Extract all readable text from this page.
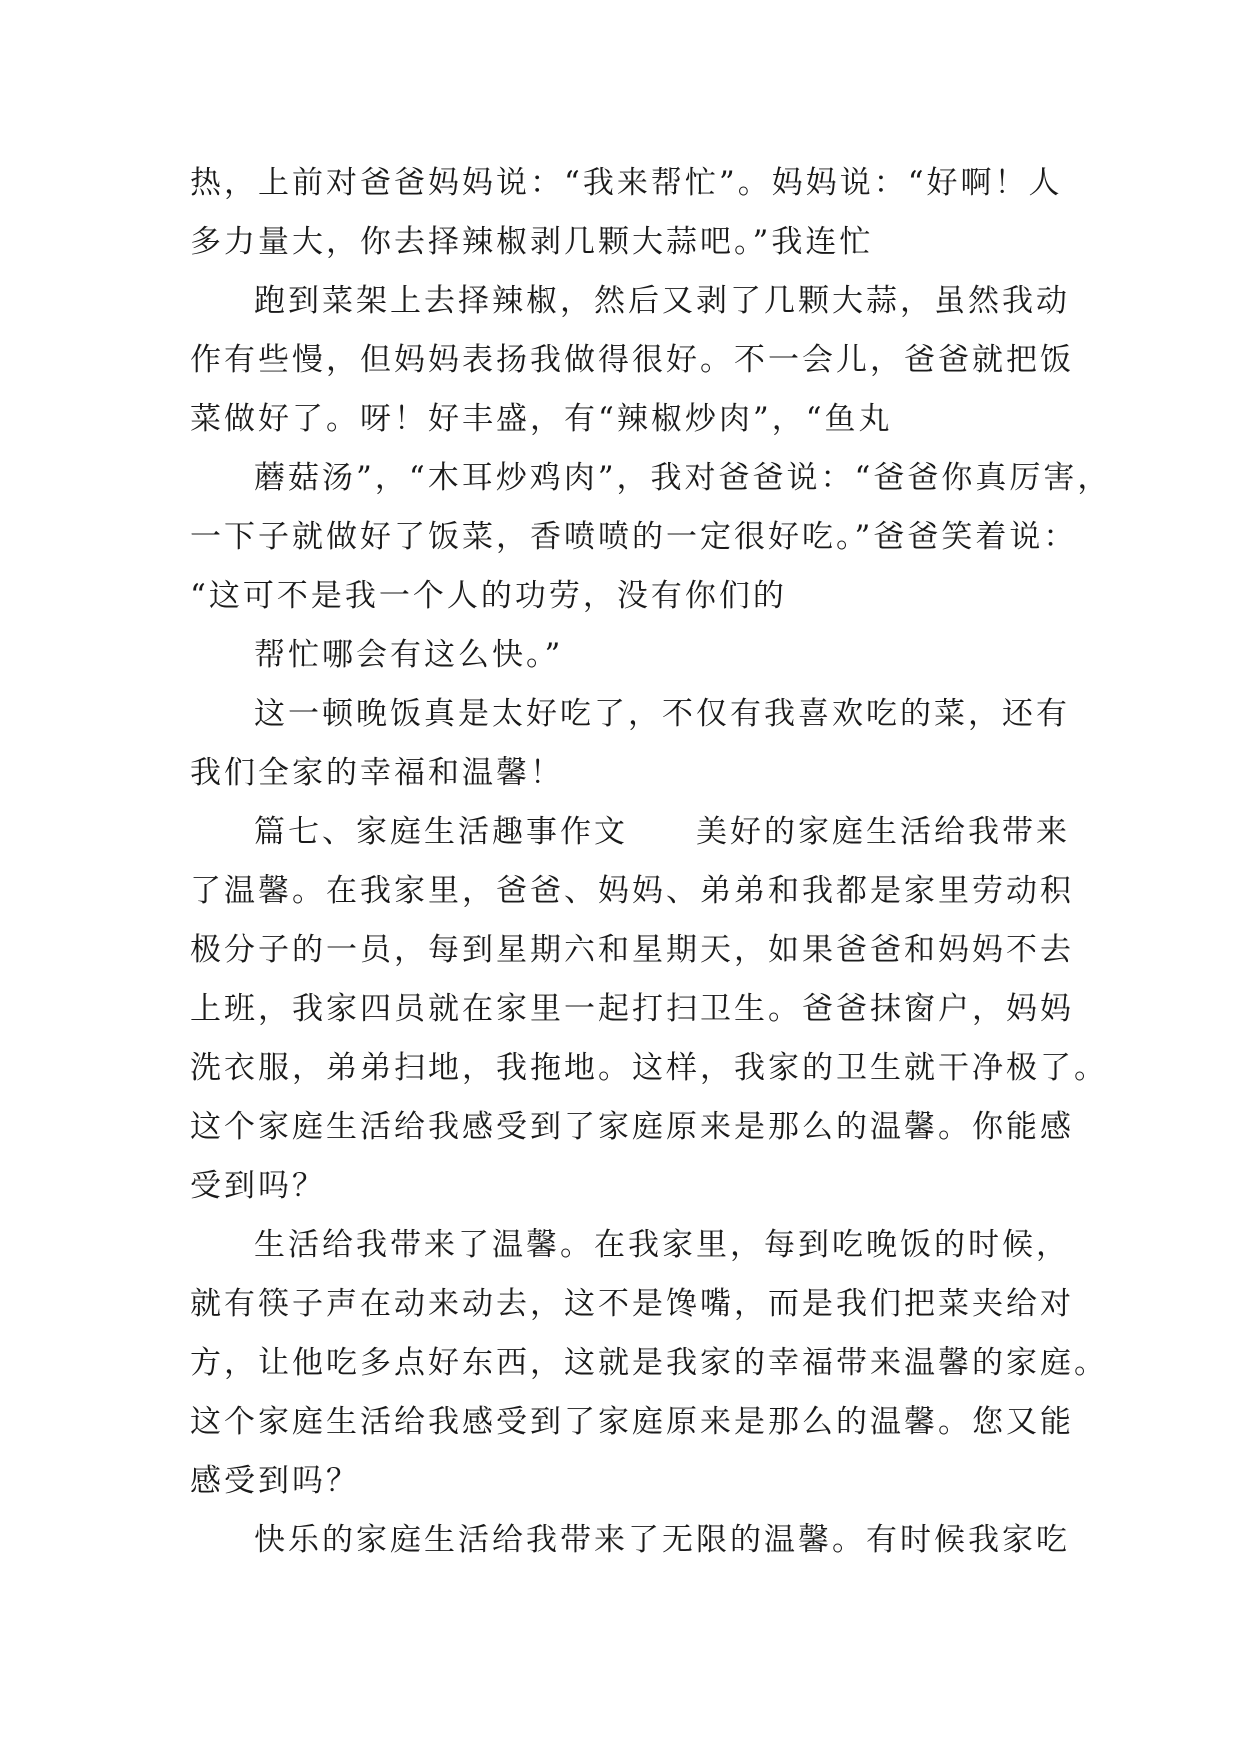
热，上前对爸爸妈妈说：“我来帮忙”。妈妈说：“好啊！人
多力量大，你去择辣椒剥几颗大蒜吧。”我连忙
跑到菜架上去择辣椒，然后又剥了几颗大蒜，虽然我动
作有些慢，但妈妈表扬我做得很好。不一会儿，爸爸就把饭
菜做好了。呀！好丰盛，有“辣椒炒肉”，“鱼丸
蘑菇汤”，“木耳炒鸡肉”，我对爸爸说：“爸爸你真厉害，
一下子就做好了饭菜，香喷喷的一定很好吃。”爸爸笑着说：
“这可不是我一个人的功劳，没有你们的
帮忙哪会有这么快。”
这一顿晚饭真是太好吃了，不仅有我喜欢吃的菜，还有
我们全家的幸福和温馨！
篇七、家庭生活趣事作文　　美好的家庭生活给我带来
了温馨。在我家里，爸爸、妈妈、弟弟和我都是家里劳动积
极分子的一员，每到星期六和星期天，如果爸爸和妈妈不去
上班，我家四员就在家里一起打扫卫生。爸爸抹窗户，妈妈
洗衣服，弟弟扫地，我拖地。这样，我家的卫生就干净极了。
这个家庭生活给我感受到了家庭原来是那么的温馨。你能感
受到吗？
生活给我带来了温馨。在我家里，每到吃晚饭的时候，
就有筷子声在动来动去，这不是馋嘴，而是我们把菜夹给对
方，让他吃多点好东西，这就是我家的幸福带来温馨的家庭。
这个家庭生活给我感受到了家庭原来是那么的温馨。您又能
感受到吗？
快乐的家庭生活给我带来了无限的温馨。有时候我家吃
